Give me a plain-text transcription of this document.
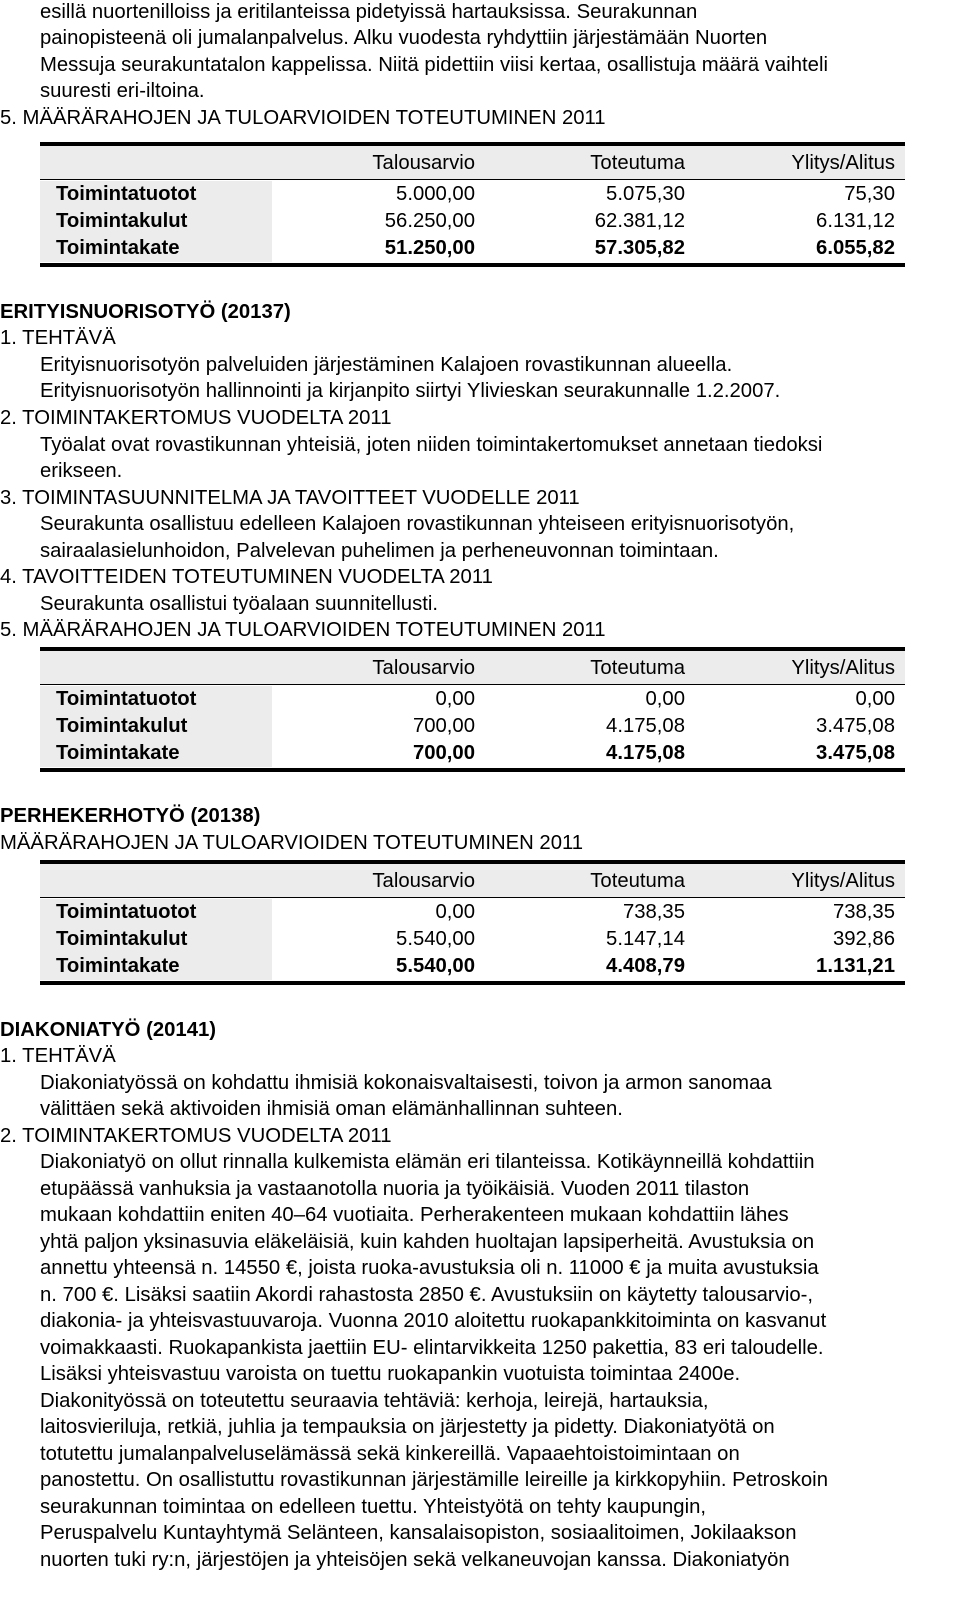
esillä nuortenilloiss ja eritilanteissa pidetyissä hartauksissa. Seurakunnan
painopisteenä oli jumalanpalvelus. Alku vuodesta ryhdyttiin järjestämään Nuorten
Messuja seurakuntatalon kappelissa. Niitä pidettiin viisi kertaa, osallistuja määrä vaihteli
suuresti eri-iltoina.
5. MÄÄRÄRAHOJEN JA TULOARVIOIDEN TOTEUTUMINEN 2011
Talousarvio	Toteutuma	Ylitys/Alitus
Toimintatuotot	5.000,00	5.075,30	75,30
Toimintakulut	56.250,00	62.381,12	6.131,12
Toimintakate	51.250,00	57.305,82	6.055,82
ERITYISNUORISOTYÖ (20137)
1. TEHTÄVÄ
Erityisnuorisotyön palveluiden järjestäminen Kalajoen rovastikunnan alueella.
Erityisnuorisotyön hallinnointi ja kirjanpito siirtyi Ylivieskan seurakunnalle 1.2.2007.
2. TOIMINTAKERTOMUS VUODELTA 2011
Työalat ovat rovastikunnan yhteisiä, joten niiden toimintakertomukset annetaan tiedoksi
erikseen.
3. TOIMINTASUUNNITELMA JA TAVOITTEET VUODELLE 2011
Seurakunta osallistuu edelleen Kalajoen rovastikunnan yhteiseen erityisnuorisotyön,
sairaalasielunhoidon, Palvelevan puhelimen ja perheneuvonnan toimintaan.
4. TAVOITTEIDEN TOTEUTUMINEN VUODELTA 2011
Seurakunta osallistui työalaan suunnitellusti.
5. MÄÄRÄRAHOJEN JA TULOARVIOIDEN TOTEUTUMINEN 2011
Talousarvio	Toteutuma	Ylitys/Alitus
Toimintatuotot	0,00	0,00	0,00
Toimintakulut	700,00	4.175,08	3.475,08
Toimintakate	700,00	4.175,08	3.475,08
PERHEKERHOTYÖ (20138)
MÄÄRÄRAHOJEN JA TULOARVIOIDEN TOTEUTUMINEN 2011
Talousarvio	Toteutuma	Ylitys/Alitus
Toimintatuotot	0,00	738,35	738,35
Toimintakulut	5.540,00	5.147,14	392,86
Toimintakate	5.540,00	4.408,79	1.131,21
DIAKONIATYÖ (20141)
1. TEHTÄVÄ
Diakoniatyössä on kohdattu ihmisiä kokonaisvaltaisesti, toivon ja armon sanomaa
välittäen sekä aktivoiden ihmisiä oman elämänhallinnan suhteen.
2. TOIMINTAKERTOMUS VUODELTA 2011
Diakoniatyö on ollut rinnalla kulkemista elämän eri tilanteissa. Kotikäynneillä kohdattiin
etupäässä vanhuksia ja vastaanotolla nuoria ja työikäisiä. Vuoden 2011 tilaston
mukaan kohdattiin eniten 40–64 vuotiaita. Perherakenteen mukaan kohdattiin lähes
yhtä paljon yksinasuvia eläkeläisiä, kuin kahden huoltajan lapsiperheitä. Avustuksia on
annettu yhteensä n. 14550 €, joista ruoka-avustuksia oli n. 11000 € ja muita avustuksia
n. 700 €. Lisäksi saatiin Akordi rahastosta 2850 €. Avustuksiin on käytetty talousarvio-,
diakonia- ja yhteisvastuuvaroja. Vuonna 2010 aloitettu ruokapankkitoiminta on kasvanut
voimakkaasti. Ruokapankista jaettiin EU- elintarvikkeita 1250 pakettia, 83 eri taloudelle.
Lisäksi yhteisvastuu varoista on tuettu ruokapankin vuotuista toimintaa 2400e.
Diakonityössä on toteutettu seuraavia tehtäviä: kerhoja, leirejä, hartauksia,
laitosvieriluja, retkiä, juhlia ja tempauksia on järjestetty ja pidetty. Diakoniatyötä on
totutettu jumalanpalveluselämässä sekä kinkereillä. Vapaaehtoistoimintaan on
panostettu. On osallistuttu rovastikunnan järjestämille leireille ja kirkkopyhiin. Petroskoin
seurakunnan toimintaa on edelleen tuettu. Yhteistyötä on tehty kaupungin,
Peruspalvelu Kuntayhtymä Selänteen, kansalaisopiston, sosiaalitoimen, Jokilaakson
nuorten tuki ry:n, järjestöjen ja yhteisöjen sekä velkaneuvojan kanssa. Diakoniatyön
